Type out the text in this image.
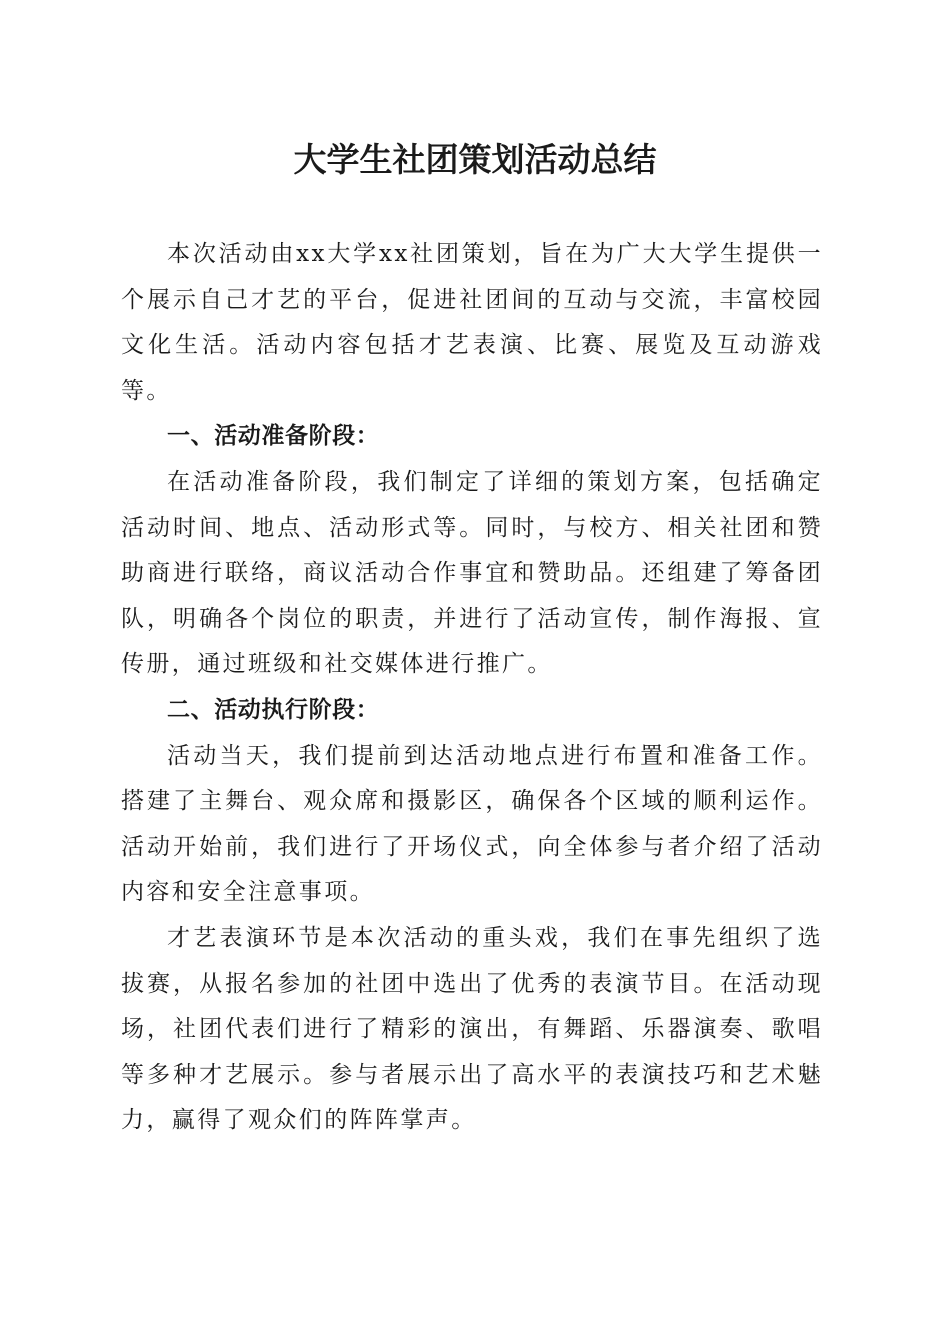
大学生社团策划活动总结

本次活动由xx大学xx社团策划，旨在为广大大学生提供一个展示自己才艺的平台，促进社团间的互动与交流，丰富校园文化生活。活动内容包括才艺表演、比赛、展览及互动游戏等。

一、活动准备阶段：

在活动准备阶段，我们制定了详细的策划方案，包括确定活动时间、地点、活动形式等。同时，与校方、相关社团和赞助商进行联络，商议活动合作事宜和赞助品。还组建了筹备团队，明确各个岗位的职责，并进行了活动宣传，制作海报、宣传册，通过班级和社交媒体进行推广。

二、活动执行阶段：

活动当天，我们提前到达活动地点进行布置和准备工作。搭建了主舞台、观众席和摄影区，确保各个区域的顺利运作。活动开始前，我们进行了开场仪式，向全体参与者介绍了活动内容和安全注意事项。

才艺表演环节是本次活动的重头戏，我们在事先组织了选拔赛，从报名参加的社团中选出了优秀的表演节目。在活动现场，社团代表们进行了精彩的演出，有舞蹈、乐器演奏、歌唱等多种才艺展示。参与者展示出了高水平的表演技巧和艺术魅力，赢得了观众们的阵阵掌声。
